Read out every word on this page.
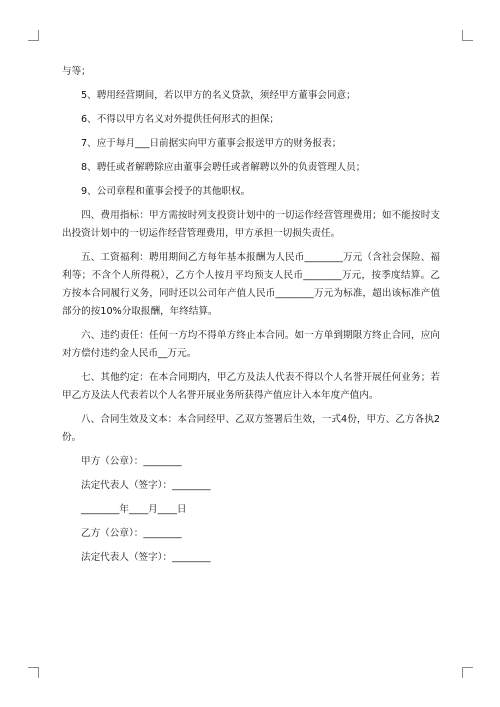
与等；

5、聘用经营期间，若以甲方的名义贷款，须经甲方董事会同意；

6、不得以甲方名义对外提供任何形式的担保；

7、应于每月___日前据实向甲方董事会报送甲方的财务报表；

8、聘任或者解聘除应由董事会聘任或者解聘以外的负责管理人员；

9、公司章程和董事会授予的其他职权。

四、费用指标：甲方需按时列支投资计划中的一切运作经营管理费用；如不能按时支出投资计划中的一切运作经营管理费用，甲方承担一切损失责任。

五、工资福利：聘用期间乙方每年基本报酬为人民币________万元（含社会保险、福利等；不含个人所得税），乙方个人按月平均预支人民币________万元，按季度结算。乙方按本合同履行义务，同时还以公司年产值人民币________万元为标准，超出该标准产值部分的按10%分取报酬，年终结算。

六、违约责任：任何一方均不得单方终止本合同。如一方单到期限方终止合同，应向对方偿付违约金人民币__万元。

七、其他约定：在本合同期内，甲乙方及法人代表不得以个人名誉开展任何业务；若甲乙方及法人代表若以个人名誉开展业务所获得产值应计入本年度产值内。

八、合同生效及文本：本合同经甲、乙双方签署后生效，一式4份，甲方、乙方各执2份。

甲方（公章）：________
法定代表人（签字）：________
________年____月____日
乙方（公章）：________
法定代表人（签字）：________
